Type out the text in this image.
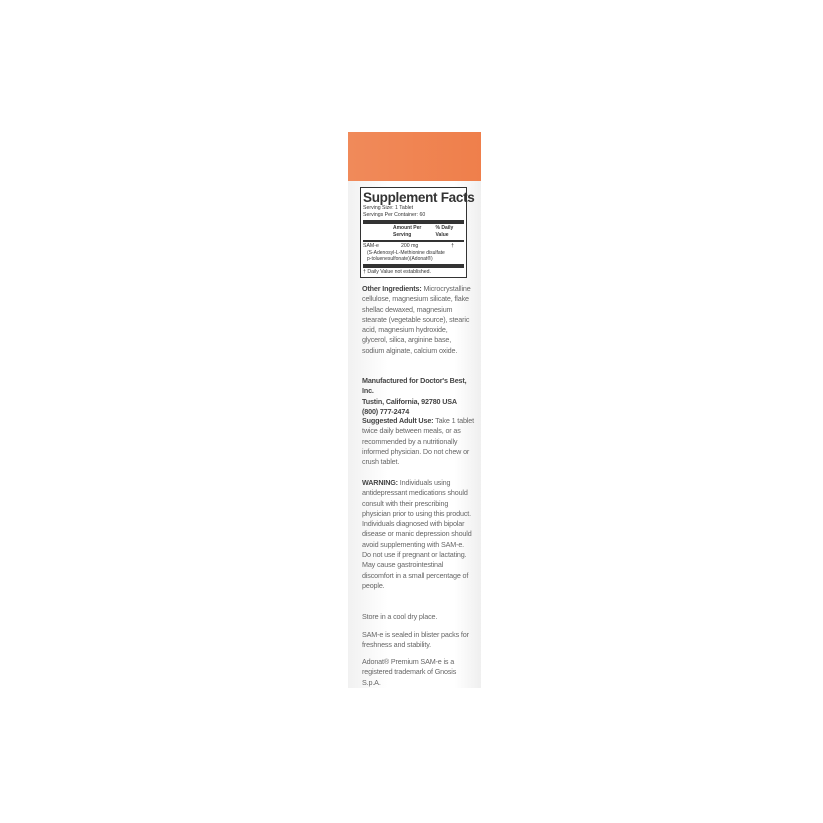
Supplement Facts
Serving Size: 1 Tablet
Servings Per Container: 60
Amount Per Serving
% Daily Value
SAM-e	200 mg	†
(S-Adenosyl-L-Methionine disulfate
p-toluenesulfonate)(Adonat®)
† Daily Value not established.
Other Ingredients: Microcrystalline cellulose, magnesium silicate, flake shellac dewaxed, magnesium stearate (vegetable source), stearic acid, magnesium hydroxide, glycerol, silica, arginine base, sodium alginate, calcium oxide.
Manufactured for Doctor's Best, Inc.
Tustin, California, 92780 USA
(800) 777-2474
Suggested Adult Use: Take 1 tablet twice daily between meals, or as recommended by a nutritionally informed physician. Do not chew or crush tablet.
WARNING: Individuals using antidepressant medications should consult with their prescribing physician prior to using this product. Individuals diagnosed with bipolar disease or manic depression should avoid supplementing with SAM-e. Do not use if pregnant or lactating. May cause gastrointestinal discomfort in a small percentage of people.
Store in a cool dry place.
SAM-e is sealed in blister packs for freshness and stability.
Adonat® Premium SAM-e is a registered trademark of Gnosis S.p.A.
